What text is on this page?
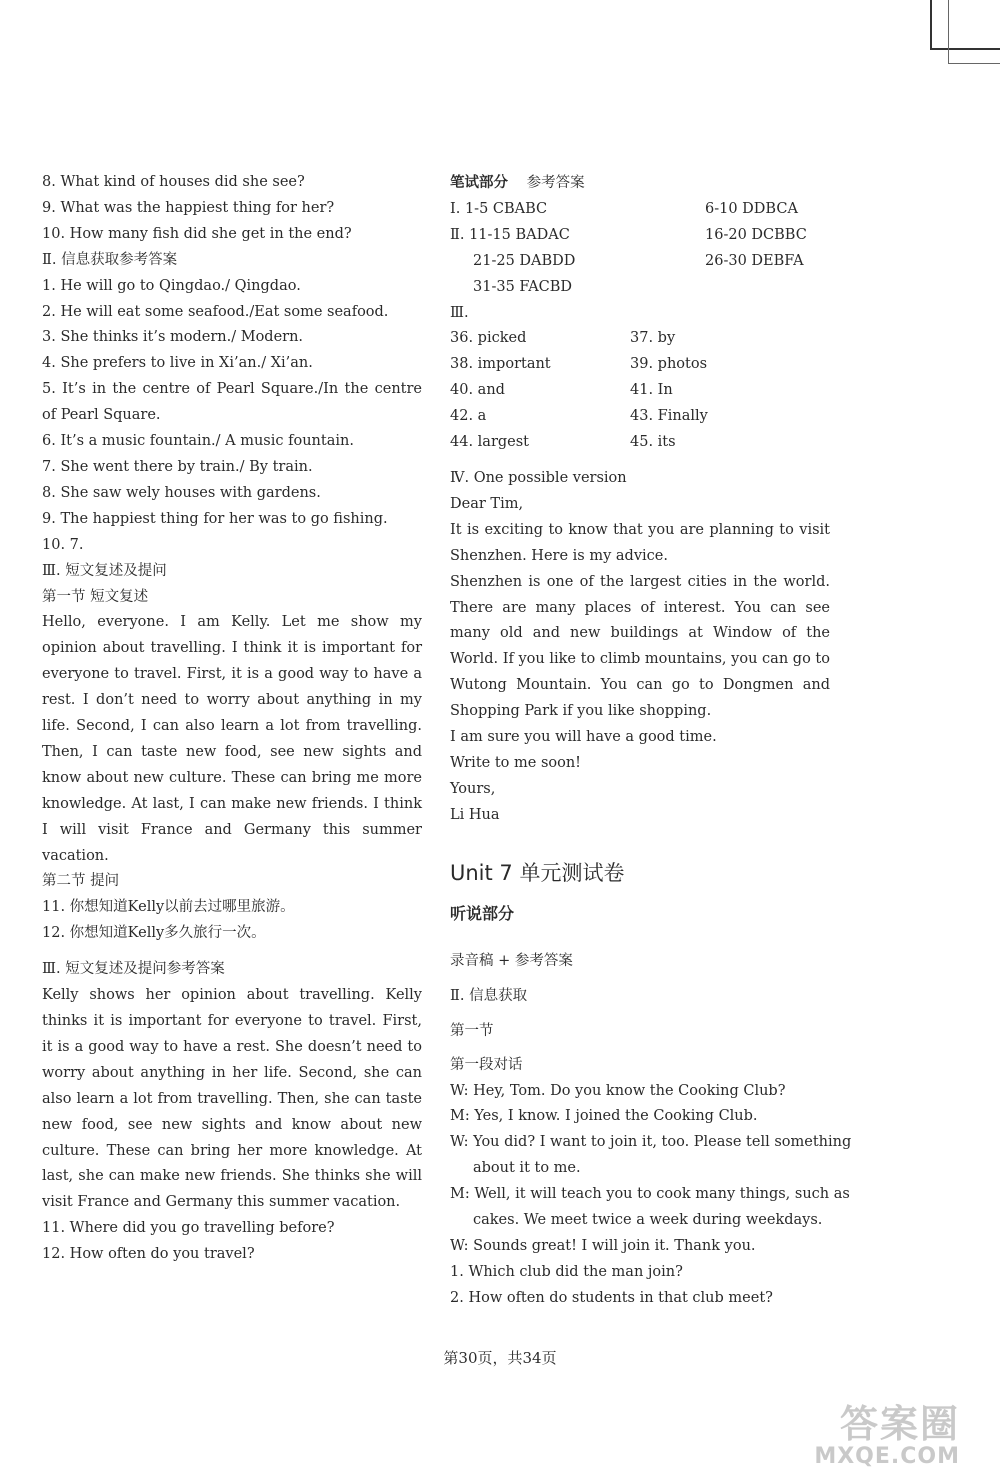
8. What kind of houses did she see?
9. What was the happiest thing for her?
10. How many fish did she get in the end?
Ⅱ. 信息获取参考答案
1. He will go to Qingdao./ Qingdao.
2. He will eat some seafood./Eat some seafood.
3. She thinks it’s modern./ Modern.
4. She prefers to live in Xi’an./ Xi’an.
5. It’s in the centre of Pearl Square./In the centre of Pearl Square.
6. It’s a music fountain./ A music fountain.
7. She went there by train./ By train.
8. She saw wely houses with gardens.
9. The happiest thing for her was to go fishing.
10. 7.
Ⅲ. 短文复述及提问
第一节 短文复述
Hello, everyone. I am Kelly. Let me show my opinion about travelling. I think it is important for everyone to travel. First, it is a good way to have a rest. I don’t need to worry about anything in my life. Second, I can also learn a lot from travelling. Then, I can taste new food, see new sights and know about new culture. These can bring me more knowledge. At last, I can make new friends. I think I will visit France and Germany this summer vacation.
第二节 提问
11. 你想知道Kelly以前去过哪里旅游。
12. 你想知道Kelly多久旅行一次。
Ⅲ. 短文复述及提问参考答案
Kelly shows her opinion about travelling. Kelly thinks it is important for everyone to travel. First, it is a good way to have a rest. She doesn’t need to worry about anything in her life. Second, she can also learn a lot from travelling. Then, she can taste new food, see new sights and know about new culture. These can bring her more knowledge. At last, she can make new friends. She thinks she will visit France and Germany this summer vacation.
11. Where did you go travelling before?
12. How often do you travel?
笔试部分 参考答案
Ⅰ. 1-5 CBABC	6-10 DDBCA
Ⅱ. 11-15 BADAC	16-20 DCBBC
21-25 DABDD	26-30 DEBFA
31-35 FACBD
Ⅲ.
36. picked	37. by
38. important	39. photos
40. and	41. In
42. a	43. Finally
44. largest	45. its
Ⅳ. One possible version
Dear Tim,
It is exciting to know that you are planning to visit Shenzhen. Here is my advice.
Shenzhen is one of the largest cities in the world. There are many places of interest. You can see many old and new buildings at Window of the World. If you like to climb mountains, you can go to Wutong Mountain. You can go to Dongmen and Shopping Park if you like shopping.
I am sure you will have a good time.
Write to me soon!
Yours,
Li Hua
Unit 7 单元测试卷
听说部分
录音稿 + 参考答案
Ⅱ. 信息获取
第一节
第一段对话
W: Hey, Tom. Do you know the Cooking Club?
M: Yes, I know. I joined the Cooking Club.
W: You did? I want to join it, too. Please tell something
about it to me.
M: Well, it will teach you to cook many things, such as
cakes. We meet twice a week during weekdays.
W: Sounds great! I will join it. Thank you.
1. Which club did the man join?
2. How often do students in that club meet?
第30页，共34页
答案圈
MXQE.COM
